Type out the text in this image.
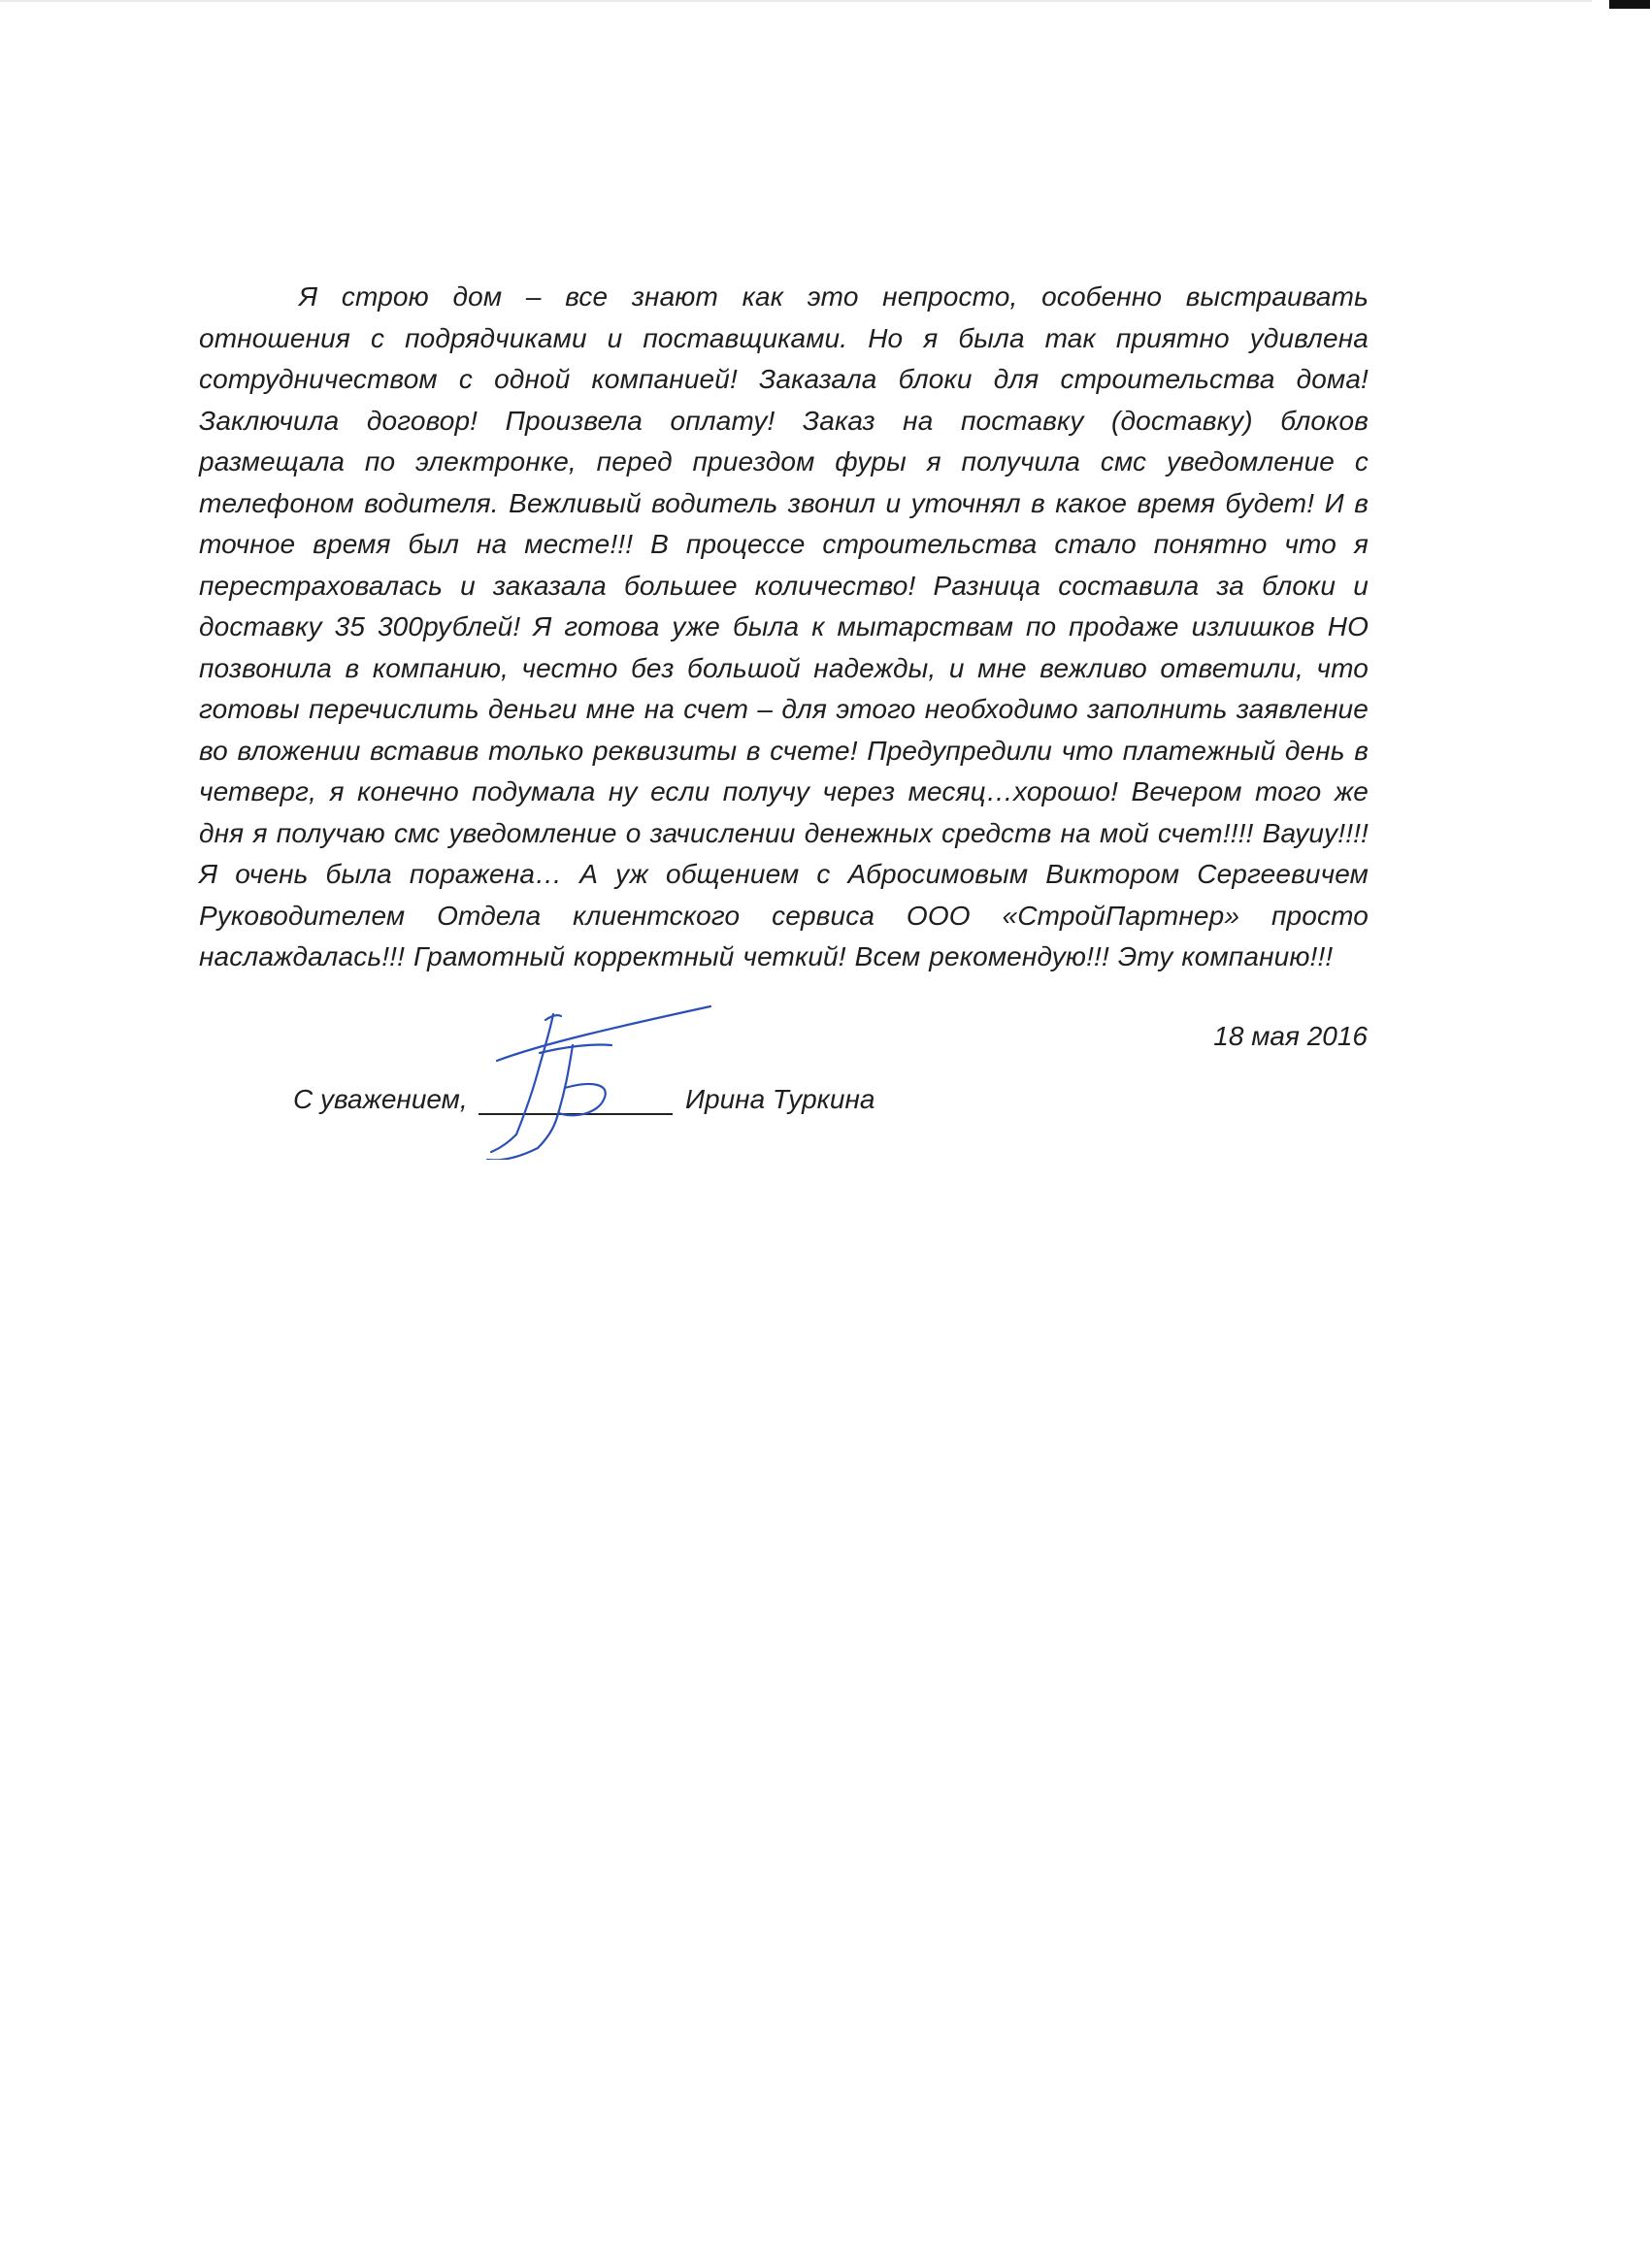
Я строю дом – все знают как это непросто, особенно выстраивать отношения с подрядчиками и поставщиками. Но я была так приятно удивлена сотрудничеством с одной компанией! Заказала блоки для строительства дома! Заключила договор! Произвела оплату! Заказ на поставку (доставку) блоков размещала по электронке, перед приездом фуры я получила смс уведомление с телефоном водителя. Вежливый водитель звонил и уточнял в какое время будет! И в точное время был на месте!!! В процессе строительства стало понятно что я перестраховалась и заказала большее количество! Разница составила за блоки и доставку 35 300рублей! Я готова уже была к мытарствам по продаже излишков НО позвонила в компанию, честно без большой надежды, и мне вежливо ответили, что готовы перечислить деньги мне на счет – для этого необходимо заполнить заявление во вложении вставив только реквизиты в счете! Предупредили что платежный день в четверг, я конечно подумала ну если получу через месяц…хорошо! Вечером того же дня я получаю смс уведомление о зачислении денежных средств на мой счет!!!! Вауuу!!!! Я очень была поражена… А уж общением с Абросимовым Виктором Сергеевичем Руководителем Отдела клиентского сервиса ООО «СтройПартнер» просто наслаждалась!!! Грамотный корректный четкий! Всем рекомендую!!! Эту компанию!!!

18 мая 2016

С уважением,	Ирина Туркина
